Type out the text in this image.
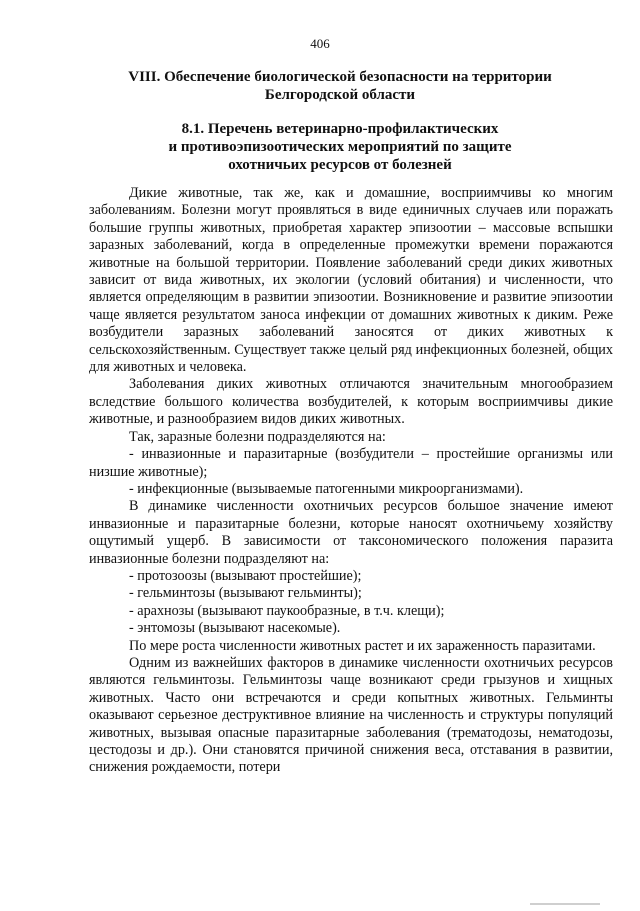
406
VIII. Обеспечение биологической безопасности на территории
Белгородской области
8.1. Перечень ветеринарно-профилактических
и противоэпизоотических мероприятий по защите
охотничьих ресурсов от болезней

Дикие животные, так же, как и домашние, восприимчивы ко многим заболеваниям. Болезни могут проявляться в виде единичных случаев или поражать большие группы животных, приобретая характер эпизоотии – массовые вспышки заразных заболеваний, когда в определенные промежутки времени поражаются животные на большой территории. Появление заболеваний среди диких животных зависит от вида животных, их экологии (условий обитания) и численности, что является определяющим в развитии эпизоотии. Возникновение и развитие эпизоотии чаще является результатом заноса инфекции от домашних животных к диким. Реже возбудители заразных заболеваний заносятся от диких животных к сельскохозяйственным. Существует также целый ряд инфекционных болезней, общих для животных и человека.

Заболевания диких животных отличаются значительным многообразием вследствие большого количества возбудителей, к которым восприимчивы дикие животные, и разнообразием видов диких животных.

Так, заразные болезни подразделяются на:

- инвазионные и паразитарные (возбудители – простейшие организмы или низшие животные);

- инфекционные (вызываемые патогенными микроорганизмами).

В динамике численности охотничьих ресурсов большое значение имеют инвазионные и паразитарные болезни, которые наносят охотничьему хозяйству ощутимый ущерб. В зависимости от таксономического положения паразита инвазионные болезни подразделяют на:

- протозоозы (вызывают простейшие);

- гельминтозы (вызывают гельминты);

- арахнозы (вызывают паукообразные, в т.ч. клещи);

- энтомозы (вызывают насекомые).

По мере роста численности животных растет и их зараженность паразитами.

Одним из важнейших факторов в динамике численности охотничьих ресурсов являются гельминтозы. Гельминтозы чаще возникают среди грызунов и хищных животных. Часто они встречаются и среди копытных животных. Гельминты оказывают серьезное деструктивное влияние на численность и структуры популяций животных, вызывая опасные паразитарные заболевания (трематодозы, нематодозы, цестодозы и др.). Они становятся причиной снижения веса, отставания в развитии, снижения рождаемости, потери
